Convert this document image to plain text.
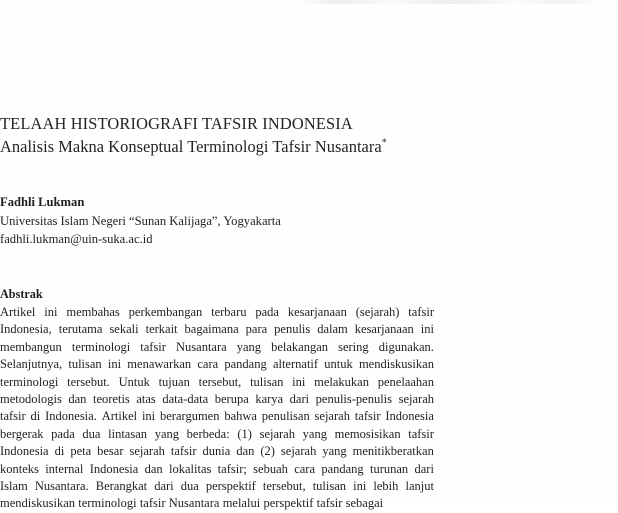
TELAAH HISTORIOGRAFI TAFSIR INDONESIA
Analisis Makna Konseptual Terminologi Tafsir Nusantara*
Fadhli Lukman
Universitas Islam Negeri “Sunan Kalijaga”, Yogyakarta
fadhli.lukman@uin-suka.ac.id
Abstrak
Artikel ini membahas perkembangan terbaru pada kesarjanaan (sejarah) tafsir
Indonesia, terutama sekali terkait bagaimana para penulis dalam kesarjanaan ini
membangun terminologi tafsir Nusantara yang belakangan sering digunakan.
Selanjutnya, tulisan ini menawarkan cara pandang alternatif untuk mendiskusikan
terminologi tersebut. Untuk tujuan tersebut, tulisan ini melakukan penelaahan
metodologis dan teoretis atas data-data berupa karya dari penulis-penulis sejarah
tafsir di Indonesia. Artikel ini berargumen bahwa penulisan sejarah tafsir Indonesia
bergerak pada dua lintasan yang berbeda: (1) sejarah yang memosisikan tafsir
Indonesia di peta besar sejarah tafsir dunia dan (2) sejarah yang menitikberatkan
konteks internal Indonesia dan lokalitas tafsir; sebuah cara pandang turunan dari
Islam Nusantara. Berangkat dari dua perspektif tersebut, tulisan ini lebih lanjut
mendiskusikan terminologi tafsir Nusantara melalui perspektif tafsir sebagai
